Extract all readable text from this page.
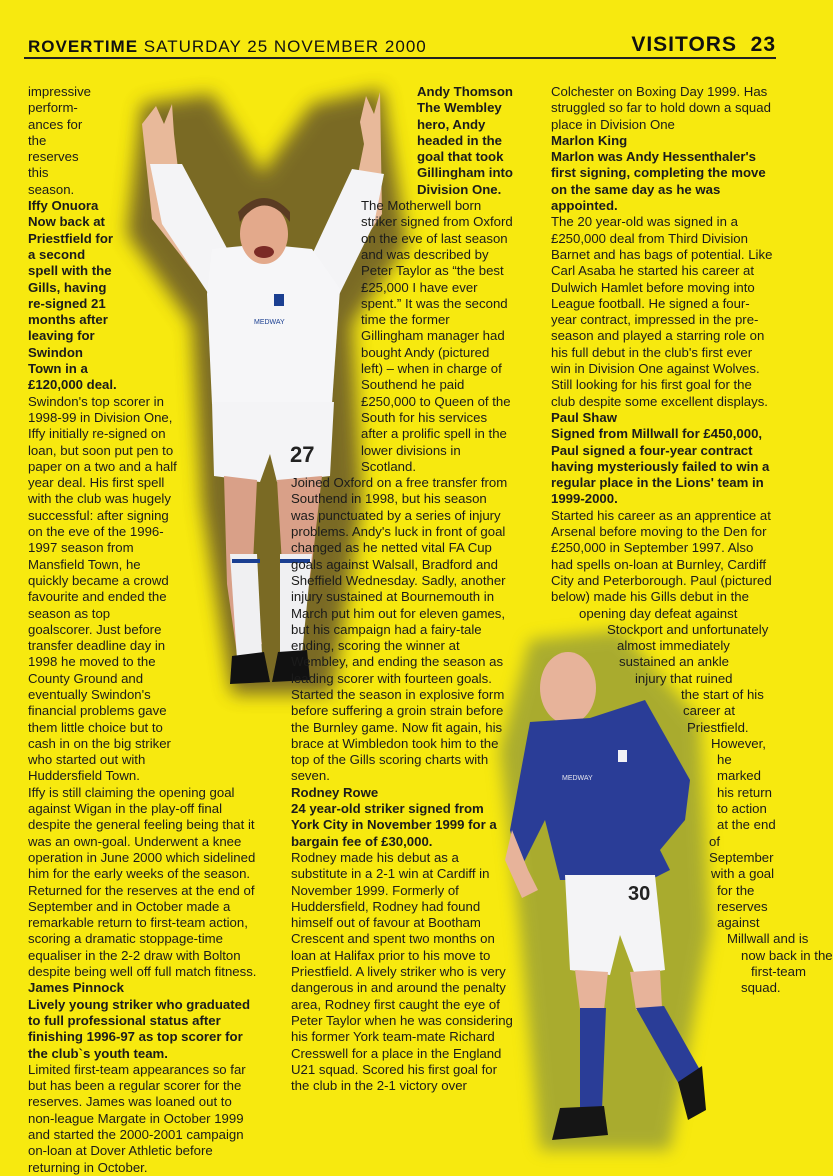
ROVERTIME SATURDAY 25 NOVEMBER 2000	VISITORS 23
MEDWAY
27
MEDWAY
30

impressive perform- ances for the reserves this season.

Iffy Onuora

Now back at Priestfield for a second spell with the Gills, having re-signed 21 months after leaving for Swindon Town in a £120,000 deal.

Swindon's top scorer in 1998-99 in Division One, Iffy initially re-signed on loan, but soon put pen to paper on a two and a half year deal. His first spell with the club was hugely successful: after signing on the eve of the 1996-1997 season from Mansfield Town, he quickly became a crowd favourite and ended the season as top goalscorer. Just before transfer deadline day in 1998 he moved to the County Ground and eventually Swindon's financial problems gave them little choice but to cash in on the big striker who started out with Huddersfield Town.

Iffy is still claiming the opening goal against Wigan in the play-off final despite the general feeling being that it was an own-goal. Underwent a knee operation in June 2000 which sidelined him for the early weeks of the season.

Returned for the reserves at the end of September and in October made a remarkable return to first-team action, scoring a dramatic stoppage-time equaliser in the 2-2 draw with Bolton despite being well off full match fitness.

James Pinnock

Lively young striker who graduated to full professional status after finishing 1996-97 as top scorer for the club`s youth team.

Limited first-team appearances so far but has been a regular scorer for the reserves. James was loaned out to non-league Margate in October 1999 and started the 2000-2001 campaign on-loan at Dover Athletic before returning in October.

Andy Thomson

The Wembley hero, Andy headed in the goal that took Gillingham into Division One.

The Motherwell born striker signed from Oxford on the eve of last season and was described by Peter Taylor as “the best £25,000 I have ever spent.” It was the second time the former Gillingham manager had bought Andy (pictured left) – when in charge of Southend he paid £250,000 to Queen of the South for his services after a prolific spell in the lower divisions in Scotland.

Joined Oxford on a free transfer from Southend in 1998, but his season was punctuated by a series of injury problems. Andy's luck in front of goal changed as he netted vital FA Cup goals against Walsall, Bradford and Sheffield Wednesday. Sadly, another injury sustained at Bournemouth in March put him out for eleven games, but his campaign had a fairy-tale ending, scoring the winner at Wembley, and ending the season as leading scorer with fourteen goals. Started the season in explosive form before suffering a groin strain before the Burnley game. Now fit again, his brace at Wimbledon took him to the top of the Gills scoring charts with seven.

Rodney Rowe

24 year-old striker signed from York City in November 1999 for a bargain fee of £30,000.

Rodney made his debut as a substitute in a 2-1 win at Cardiff in November 1999. Formerly of Huddersfield, Rodney had found himself out of favour at Bootham Crescent and spent two months on loan at Halifax prior to his move to Priestfield. A lively striker who is very dangerous in and around the penalty area, Rodney first caught the eye of Peter Taylor when he was considering his former York team-mate Richard Cresswell for a place in the England U21 squad. Scored his first goal for the club in the 2-1 victory over

Colchester on Boxing Day 1999. Has struggled so far to hold down a squad place in Division One

Marlon King

Marlon was Andy Hessenthaler's first signing, completing the move on the same day as he was appointed.

The 20 year-old was signed in a £250,000 deal from Third Division Barnet and has bags of potential. Like Carl Asaba he started his career at Dulwich Hamlet before moving into League football. He signed a four-year contract, impressed in the pre-season and played a starring role on his full debut in the club's first ever win in Division One against Wolves. Still looking for his first goal for the club despite some excellent displays.

Paul Shaw

Signed from Millwall for £450,000, Paul signed a four-year contract having mysteriously failed to win a regular place in the Lions' team in 1999-2000.

Started his career as an apprentice at Arsenal before moving to the Den for £250,000 in September 1997. Also had spells on-loan at Burnley, Cardiff City and Peterborough. Paul (pictured below) made his Gills debut in the

opening day defeat against
Stockport and unfortunately
almost immediately
sustained an ankle
injury that ruined
the start of his
career at
Priestfield.
However,
he
marked
his return
to action
at the end
of
September
with a goal
for the
reserves
against
Millwall and is
now back in the
first-team
squad.
